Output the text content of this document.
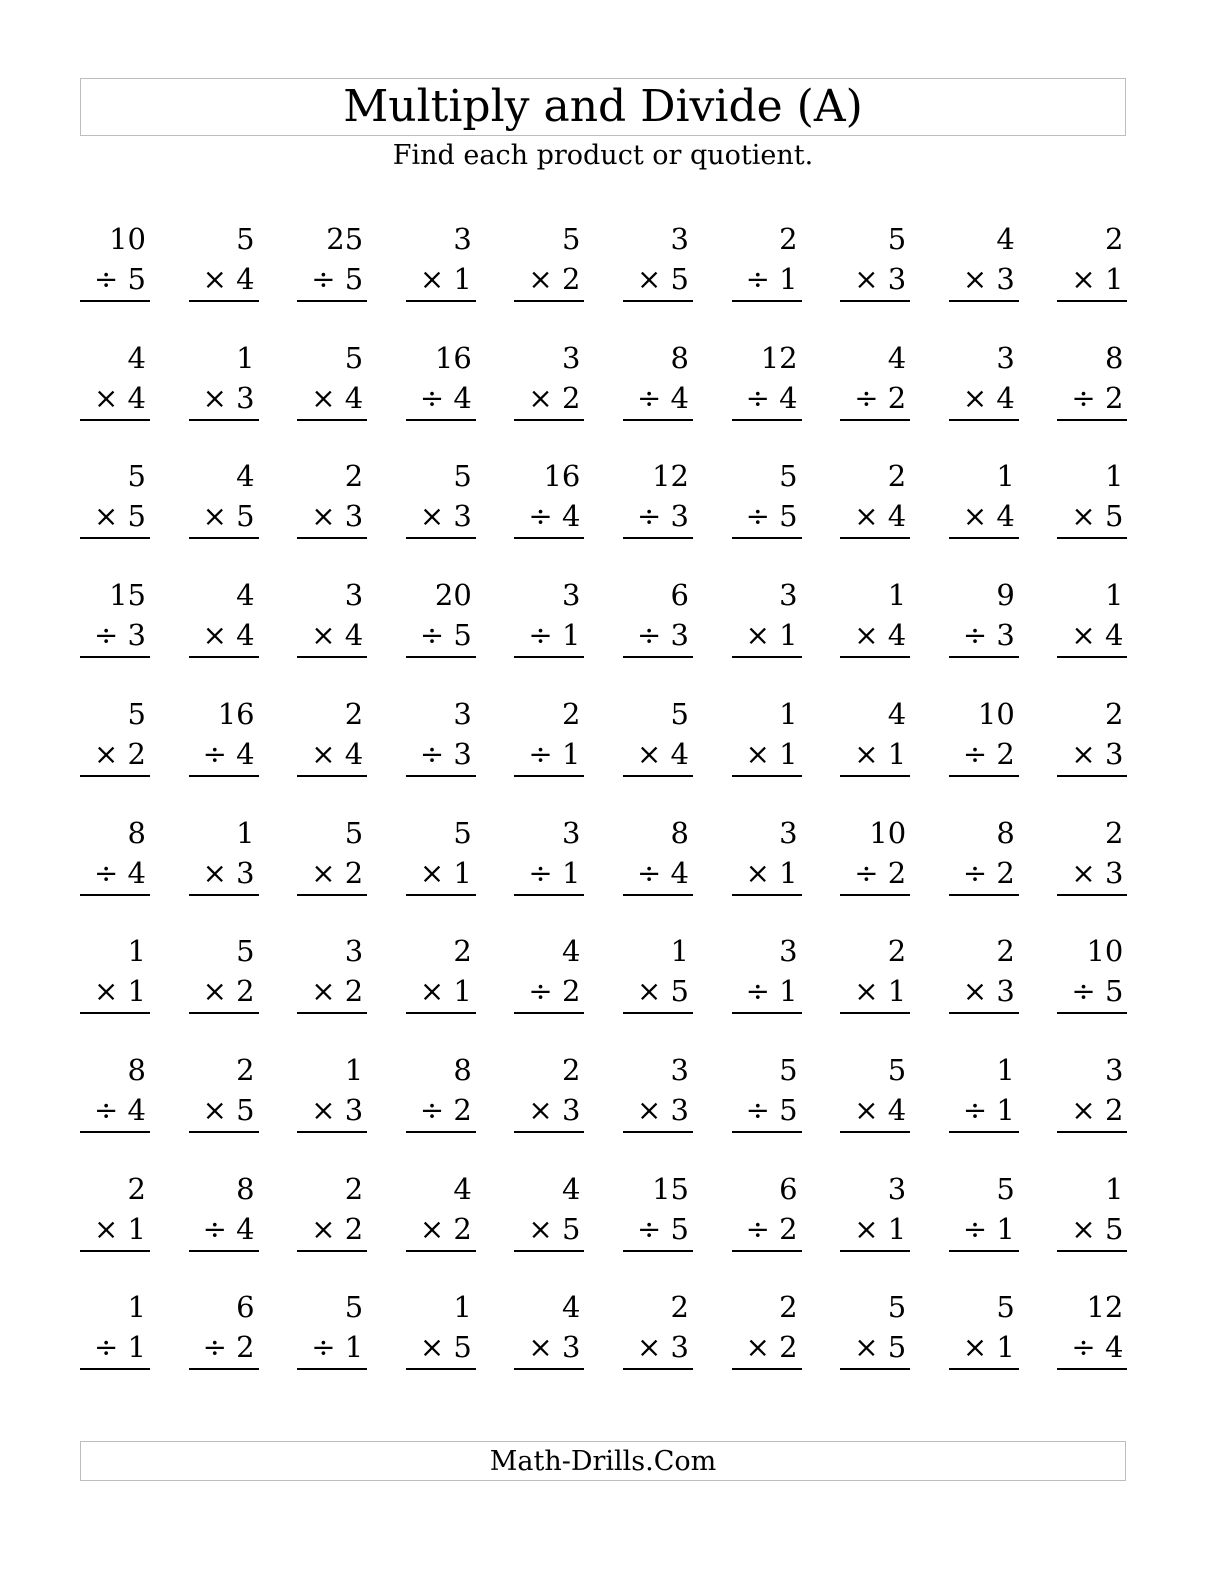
Multiply and Divide (A)
Find each product or quotient.
10
÷ 5
5
× 4
25
÷ 5
3
× 1
5
× 2
3
× 5
2
÷ 1
5
× 3
4
× 3
2
× 1
4
× 4
1
× 3
5
× 4
16
÷ 4
3
× 2
8
÷ 4
12
÷ 4
4
÷ 2
3
× 4
8
÷ 2
5
× 5
4
× 5
2
× 3
5
× 3
16
÷ 4
12
÷ 3
5
÷ 5
2
× 4
1
× 4
1
× 5
15
÷ 3
4
× 4
3
× 4
20
÷ 5
3
÷ 1
6
÷ 3
3
× 1
1
× 4
9
÷ 3
1
× 4
5
× 2
16
÷ 4
2
× 4
3
÷ 3
2
÷ 1
5
× 4
1
× 1
4
× 1
10
÷ 2
2
× 3
8
÷ 4
1
× 3
5
× 2
5
× 1
3
÷ 1
8
÷ 4
3
× 1
10
÷ 2
8
÷ 2
2
× 3
1
× 1
5
× 2
3
× 2
2
× 1
4
÷ 2
1
× 5
3
÷ 1
2
× 1
2
× 3
10
÷ 5
8
÷ 4
2
× 5
1
× 3
8
÷ 2
2
× 3
3
× 3
5
÷ 5
5
× 4
1
÷ 1
3
× 2
2
× 1
8
÷ 4
2
× 2
4
× 2
4
× 5
15
÷ 5
6
÷ 2
3
× 1
5
÷ 1
1
× 5
1
÷ 1
6
÷ 2
5
÷ 1
1
× 5
4
× 3
2
× 3
2
× 2
5
× 5
5
× 1
12
÷ 4
Math-Drills.Com
